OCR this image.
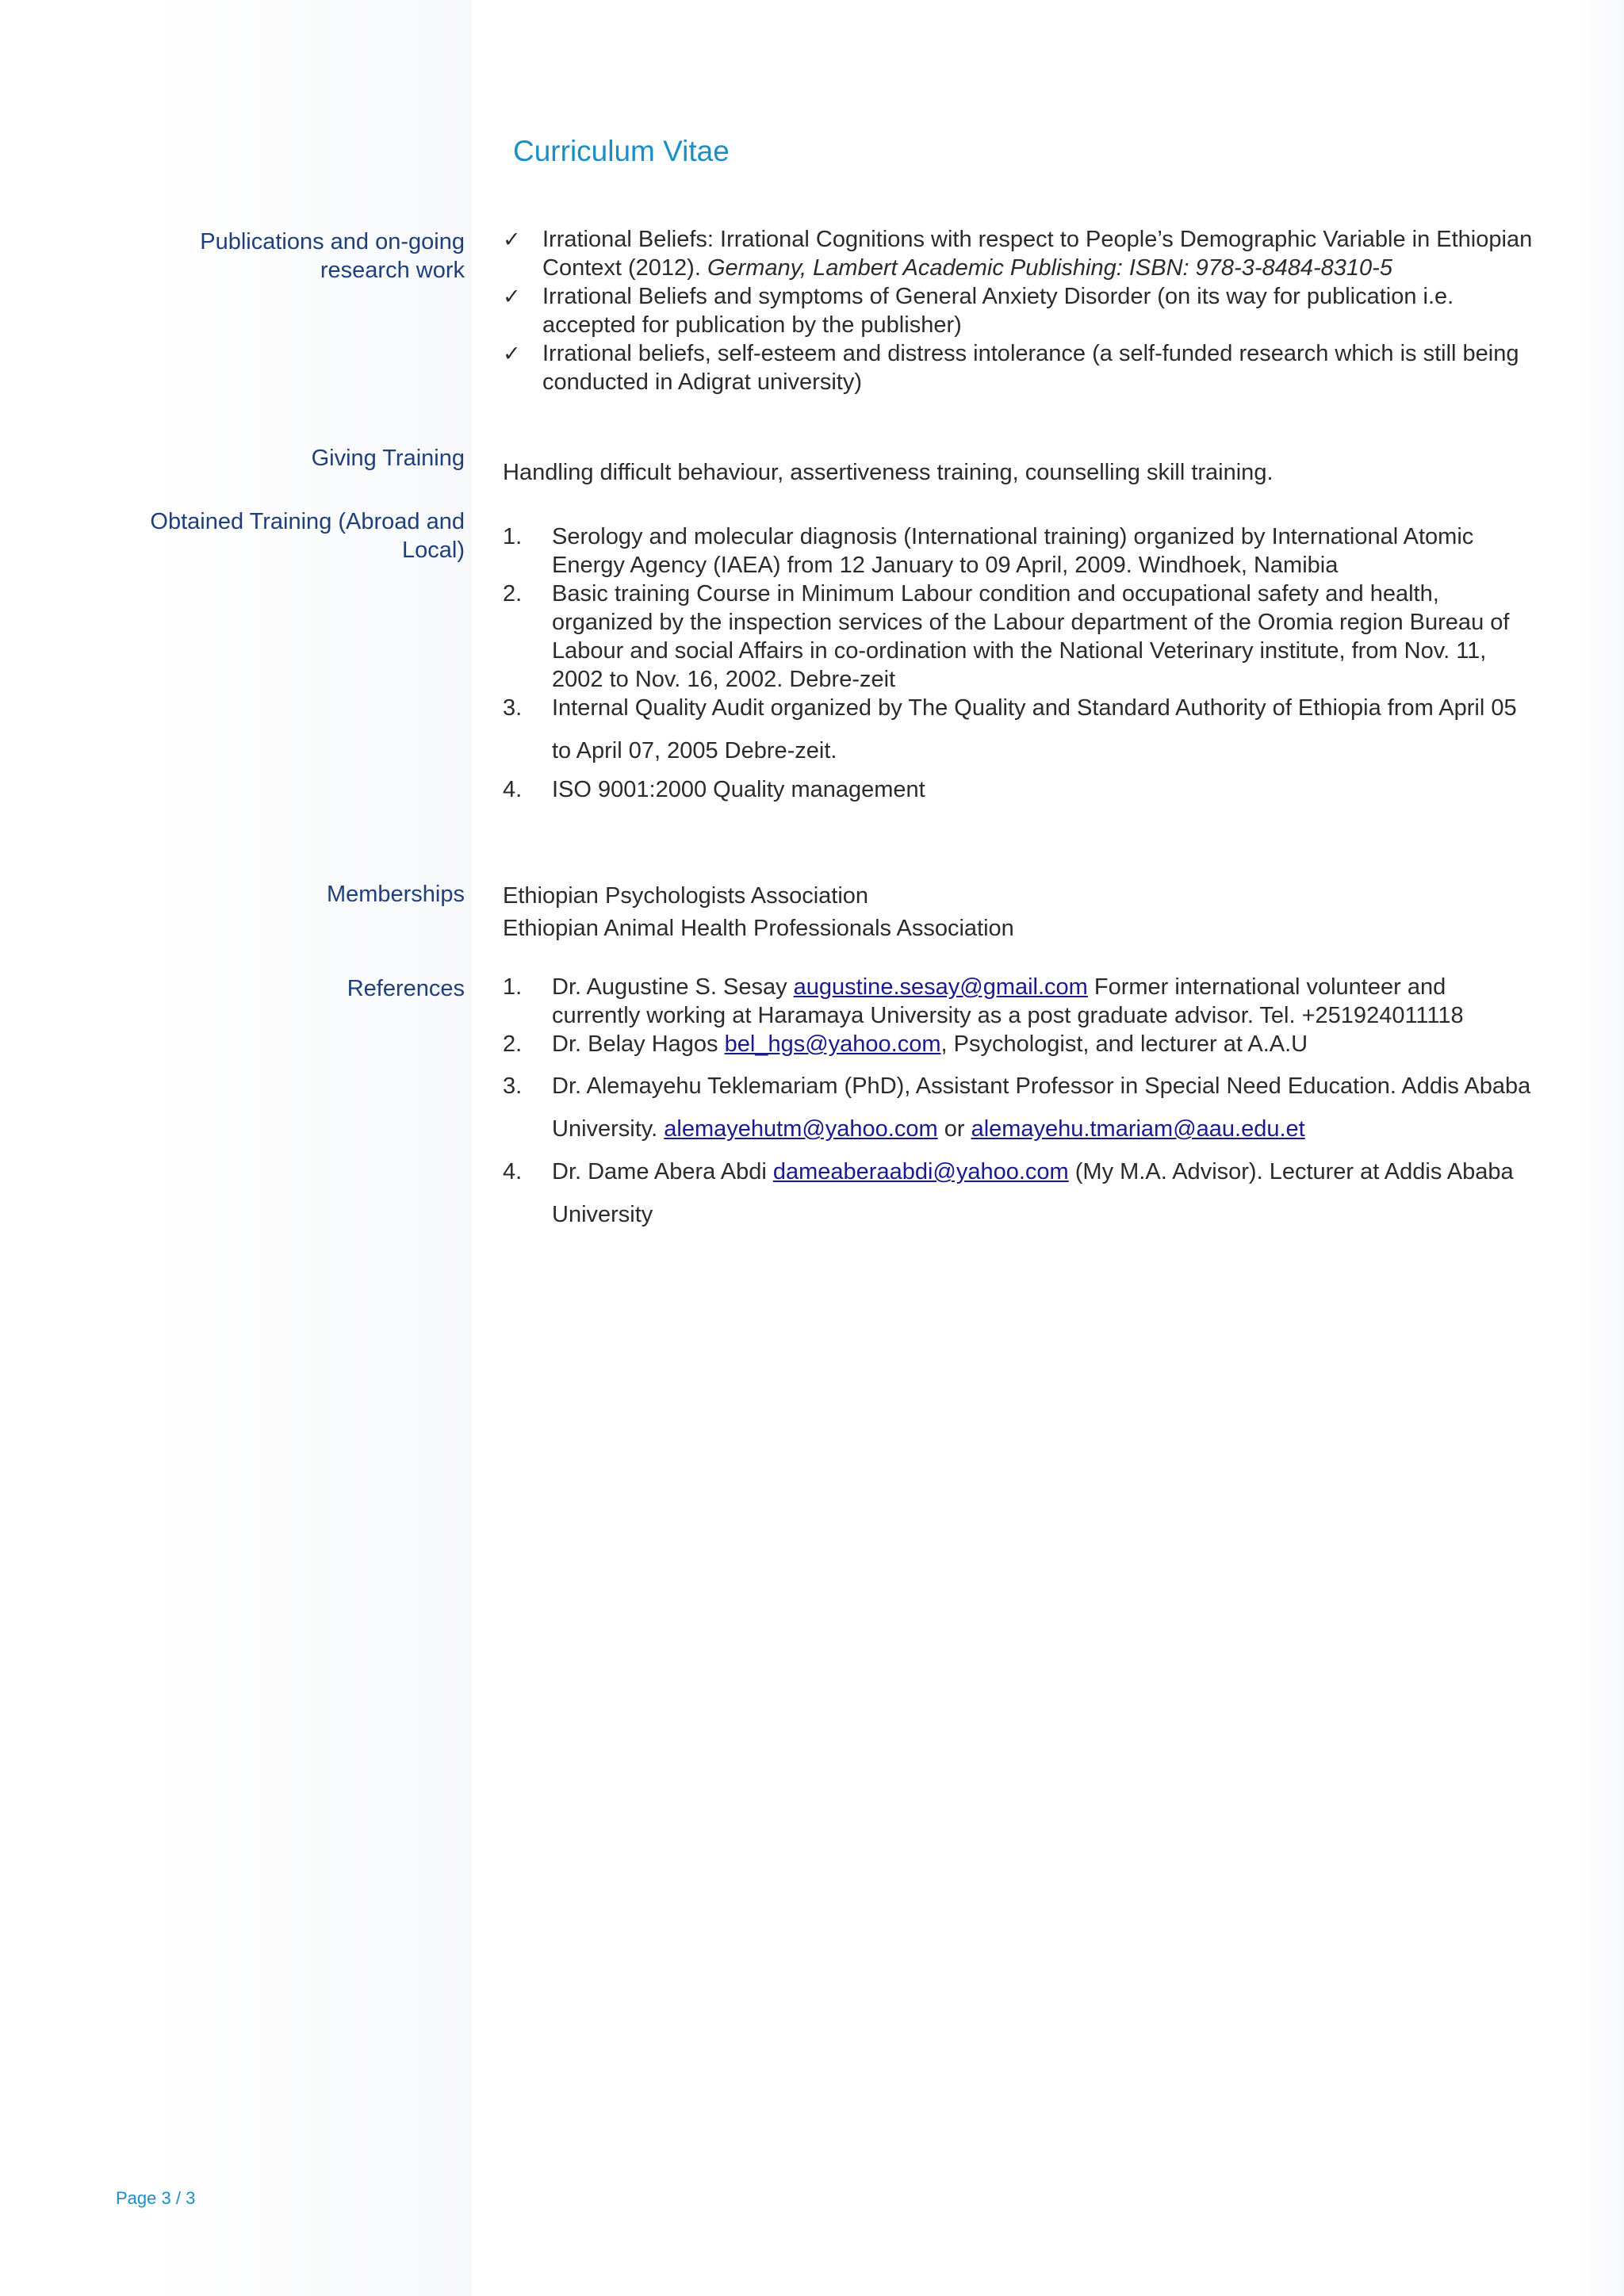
Curriculum Vitae
Publications and on-going research work
✓ Irrational Beliefs: Irrational Cognitions with respect to People’s Demographic Variable in Ethiopian Context (2012). Germany, Lambert Academic Publishing: ISBN: 978-3-8484-8310-5
✓ Irrational Beliefs and symptoms of General Anxiety Disorder (on its way for publication i.e. accepted for publication by the publisher)
✓ Irrational beliefs, self-esteem and distress intolerance (a self-funded research which is still being conducted in Adigrat university)
Giving Training
Handling difficult behaviour, assertiveness training, counselling skill training.
Obtained Training (Abroad and Local)
1. Serology and molecular diagnosis (International training) organized by International Atomic Energy Agency (IAEA) from 12 January to 09 April, 2009. Windhoek, Namibia
2. Basic training Course in Minimum Labour condition and occupational safety and health, organized by the inspection services of the Labour department of the Oromia region Bureau of Labour and social Affairs in co-ordination with the National Veterinary institute, from Nov. 11, 2002 to Nov. 16, 2002. Debre-zeit
3. Internal Quality Audit organized by The Quality and Standard Authority of Ethiopia from April 05 to April 07, 2005 Debre-zeit.
4. ISO 9001:2000 Quality management
Memberships Ethiopian Psychologists Association
Ethiopian Animal Health Professionals Association
References 1. Dr. Augustine S. Sesay augustine.sesay@gmail.com Former international volunteer and currently working at Haramaya University as a post graduate advisor. Tel. +251924011118
2. Dr. Belay Hagos bel_hgs@yahoo.com, Psychologist, and lecturer at A.A.U
3. Dr. Alemayehu Teklemariam (PhD), Assistant Professor in Special Need Education. Addis Ababa University. alemayehutm@yahoo.com or alemayehu.tmariam@aau.edu.et
4. Dr. Dame Abera Abdi dameaberaabdi@yahoo.com (My M.A. Advisor). Lecturer at Addis Ababa University
Page 3 / 3
